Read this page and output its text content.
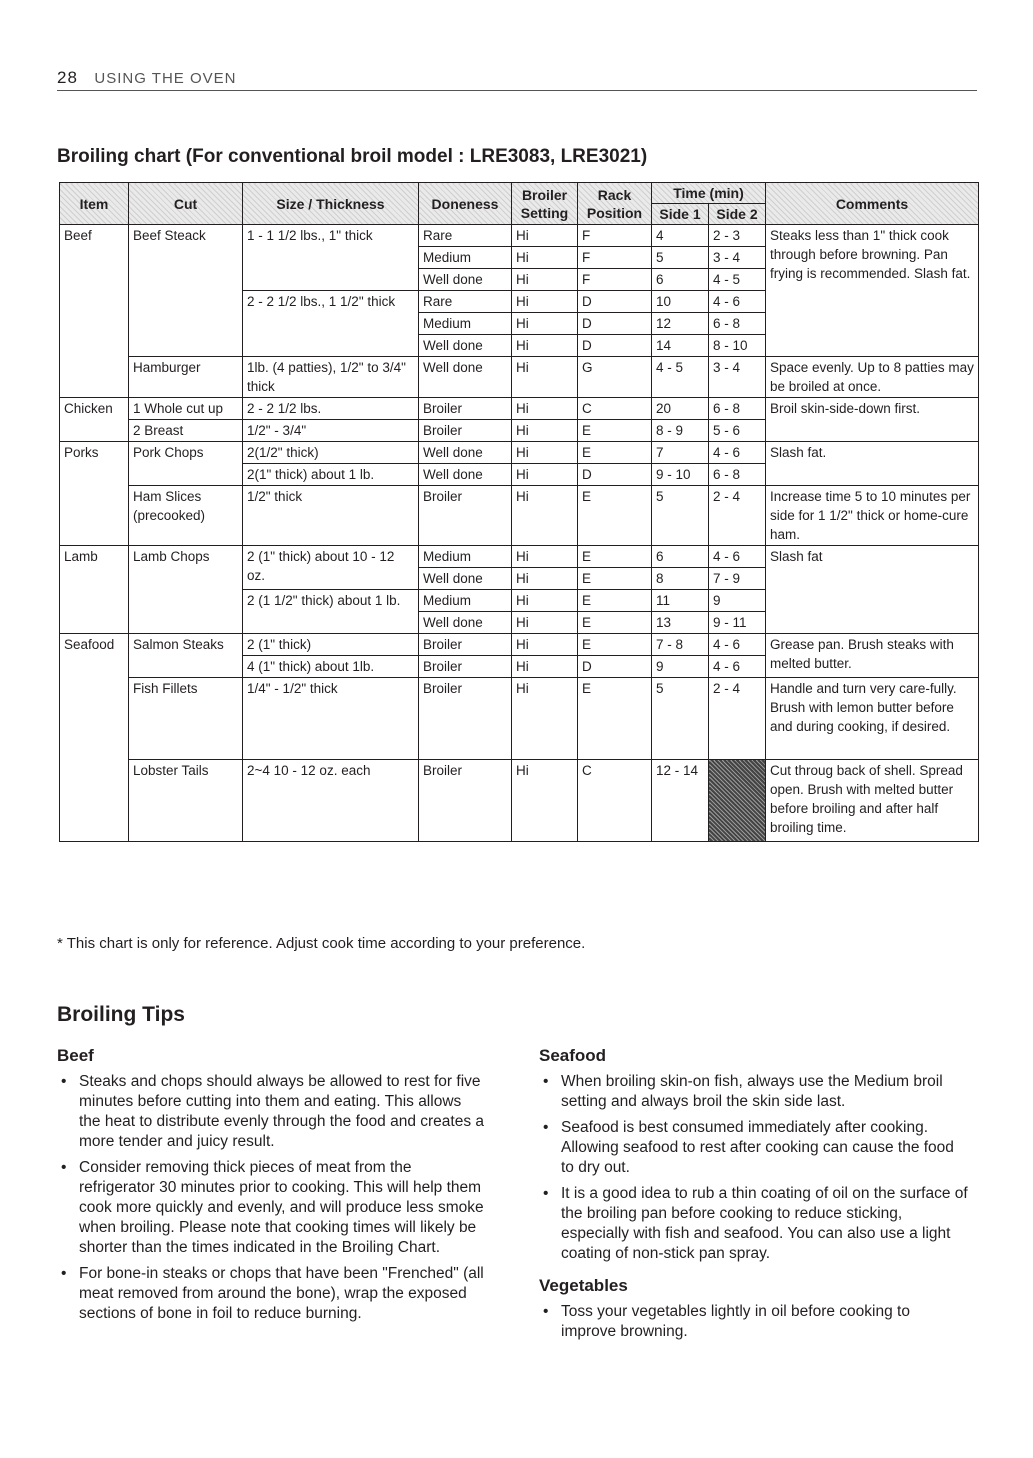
28 USING THE OVEN
Broiling chart (For conventional broil model : LRE3083, LRE3021)
Item	Cut	Size / Thickness	Doneness	Broiler Setting	Rack Position	Time (min)		Comments
						Side 1	Side 2	
Beef	Beef Steack	1 - 1 1/2 lbs., 1" thick	Rare	Hi	F	4	2 - 3	Steaks less than 1" thick cook through before browning. Pan frying is recommended. Slash fat.
			Medium	Hi	F	5	3 - 4	
			Well done	Hi	F	6	4 - 5	
		2 - 2 1/2 lbs., 1 1/2" thick	Rare	Hi	D	10	4 - 6	
			Medium	Hi	D	12	6 - 8	
			Well done	Hi	D	14	8 - 10	
	Hamburger	1lb. (4 patties), 1/2" to 3/4" thick	Well done	Hi	G	4 - 5	3 - 4	Space evenly. Up to 8 patties may be broiled at once.
Chicken	1 Whole cut up	2 - 2 1/2 lbs.	Broiler	Hi	C	20	6 - 8	Broil skin-side-down first.
	2 Breast	1/2" - 3/4"	Broiler	Hi	E	8 - 9	5 - 6	
Porks	Pork Chops	2(1/2" thick)	Well done	Hi	E	7	4 - 6	Slash fat.
		2(1" thick) about 1 lb.	Well done	Hi	D	9 - 10	6 - 8	
	Ham Slices (precooked)	1/2" thick	Broiler	Hi	E	5	2 - 4	Increase time 5 to 10 minutes per side for 1 1/2" thick or home-cure ham.
Lamb	Lamb Chops	2 (1" thick) about 10 - 12 oz.	Medium	Hi	E	6	4 - 6	Slash fat
			Well done	Hi	E	8	7 - 9	
		2 (1 1/2" thick) about 1 lb.	Medium	Hi	E	11	9	
			Well done	Hi	E	13	9 - 11	
Seafood	Salmon Steaks	2 (1" thick)	Broiler	Hi	E	7 - 8	4 - 6	Grease pan. Brush steaks with melted butter.
		4 (1" thick) about 1lb.	Broiler	Hi	D	9	4 - 6	
	Fish Fillets	1/4" - 1/2" thick	Broiler	Hi	E	5	2 - 4	Handle and turn very care-fully. Brush with lemon butter before and during cooking, if desired.
	Lobster Tails	2~4 10 - 12 oz. each	Broiler	Hi	C	12 - 14		Cut throug back of shell. Spread open. Brush with melted butter before broiling and after half broiling time.
* This chart is only for reference. Adjust cook time according to your preference.
Broiling Tips
Beef
• Steaks and chops should always be allowed to rest for five minutes before cutting into them and eating. This allows the heat to distribute evenly through the food and creates a more tender and juicy result.
• Consider removing thick pieces of meat from the refrigerator 30 minutes prior to cooking. This will help them cook more quickly and evenly, and will produce less smoke when broiling. Please note that cooking times will likely be shorter than the times indicated in the Broiling Chart.
• For bone-in steaks or chops that have been "Frenched" (all meat removed from around the bone), wrap the exposed sections of bone in foil to reduce burning.
Seafood
• When broiling skin-on fish, always use the Medium broil setting and always broil the skin side last.
• Seafood is best consumed immediately after cooking. Allowing seafood to rest after cooking can cause the food to dry out.
• It is a good idea to rub a thin coating of oil on the surface of the broiling pan before cooking to reduce sticking, especially with fish and seafood. You can also use a light coating of non-stick pan spray.
Vegetables
• Toss your vegetables lightly in oil before cooking to improve browning.
